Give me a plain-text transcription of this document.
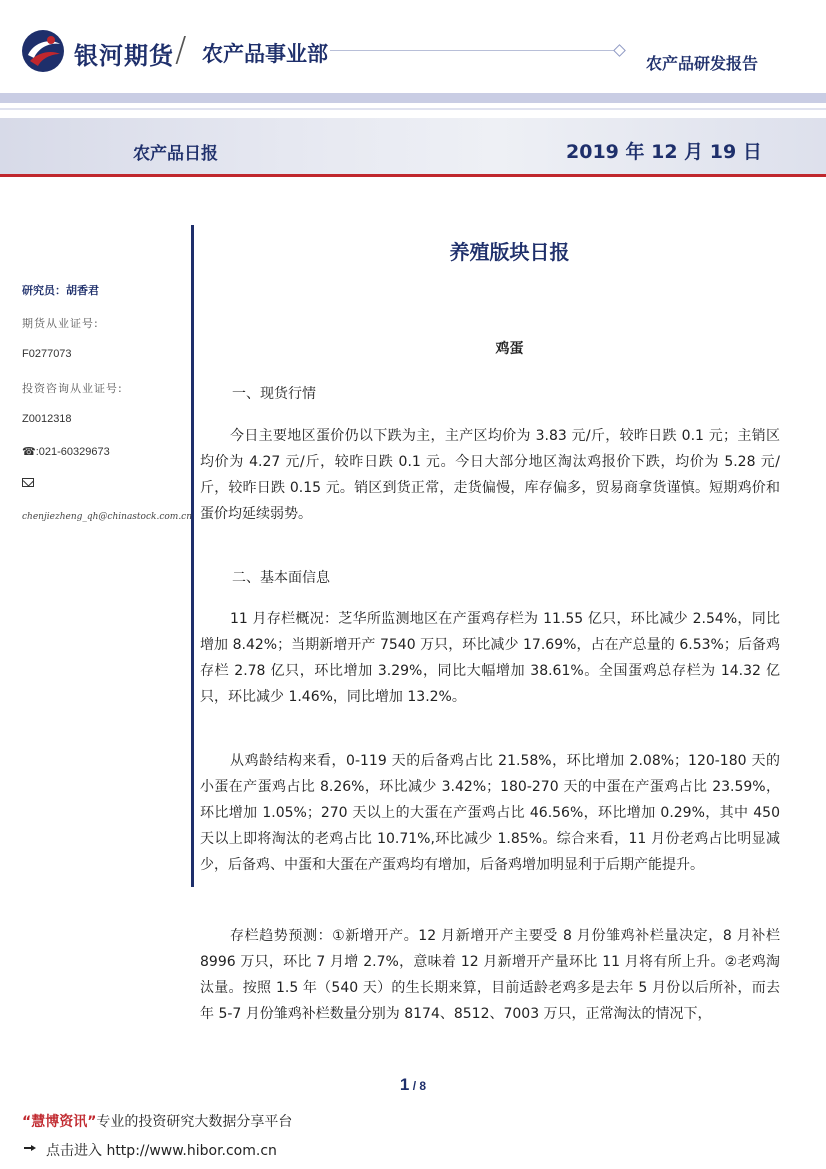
银河期货 / 农产品事业部	农产品研发报告
农产品日报	2019 年 12 月 19 日
研究员：胡香君
期货从业证号:
F0277073
投资咨询从业证号:
Z0012318
☎:021-60329673
chenjiezheng_qh@chinastock.com.cn
养殖版块日报
鸡蛋
一、现货行情
今日主要地区蛋价仍以下跌为主，主产区均价为 3.83 元/斤，较昨日跌 0.1 元；主销区均价为 4.27 元/斤，较昨日跌 0.1 元。今日大部分地区淘汰鸡报价下跌，均价为 5.28 元/斤，较昨日跌 0.15 元。销区到货正常，走货偏慢，库存偏多，贸易商拿货谨慎。短期鸡价和蛋价均延续弱势。
二、基本面信息
11 月存栏概况：芝华所监测地区在产蛋鸡存栏为 11.55 亿只，环比减少 2.54%，同比增加 8.42%；当期新增开产 7540 万只，环比减少 17.69%，占在产总量的 6.53%；后备鸡存栏 2.78 亿只，环比增加 3.29%，同比大幅增加 38.61%。全国蛋鸡总存栏为 14.32 亿只，环比减少 1.46%，同比增加 13.2%。
从鸡龄结构来看，0-119 天的后备鸡占比 21.58%，环比增加 2.08%；120-180 天的小蛋在产蛋鸡占比 8.26%，环比减少 3.42%；180-270 天的中蛋在产蛋鸡占比 23.59%，环比增加 1.05%；270 天以上的大蛋在产蛋鸡占比 46.56%，环比增加 0.29%，其中 450 天以上即将淘汰的老鸡占比 10.71%,环比减少 1.85%。综合来看，11 月份老鸡占比明显减少，后备鸡、中蛋和大蛋在产蛋鸡均有增加，后备鸡增加明显利于后期产能提升。
存栏趋势预测：①新增开产。12 月新增开产主要受 8 月份雏鸡补栏量决定，8 月补栏 8996 万只，环比 7 月增 2.7%，意味着 12 月新增开产量环比 11 月将有所上升。②老鸡淘汰量。按照 1.5 年（540 天）的生长期来算，目前适龄老鸡多是去年 5 月份以后所补，而去年 5-7 月份雏鸡补栏数量分别为 8174、8512、7003 万只，正常淘汰的情况下，
1 / 8
“慧博资讯”专业的投资研究大数据分享平台
点击进入 http://www.hibor.com.cn
